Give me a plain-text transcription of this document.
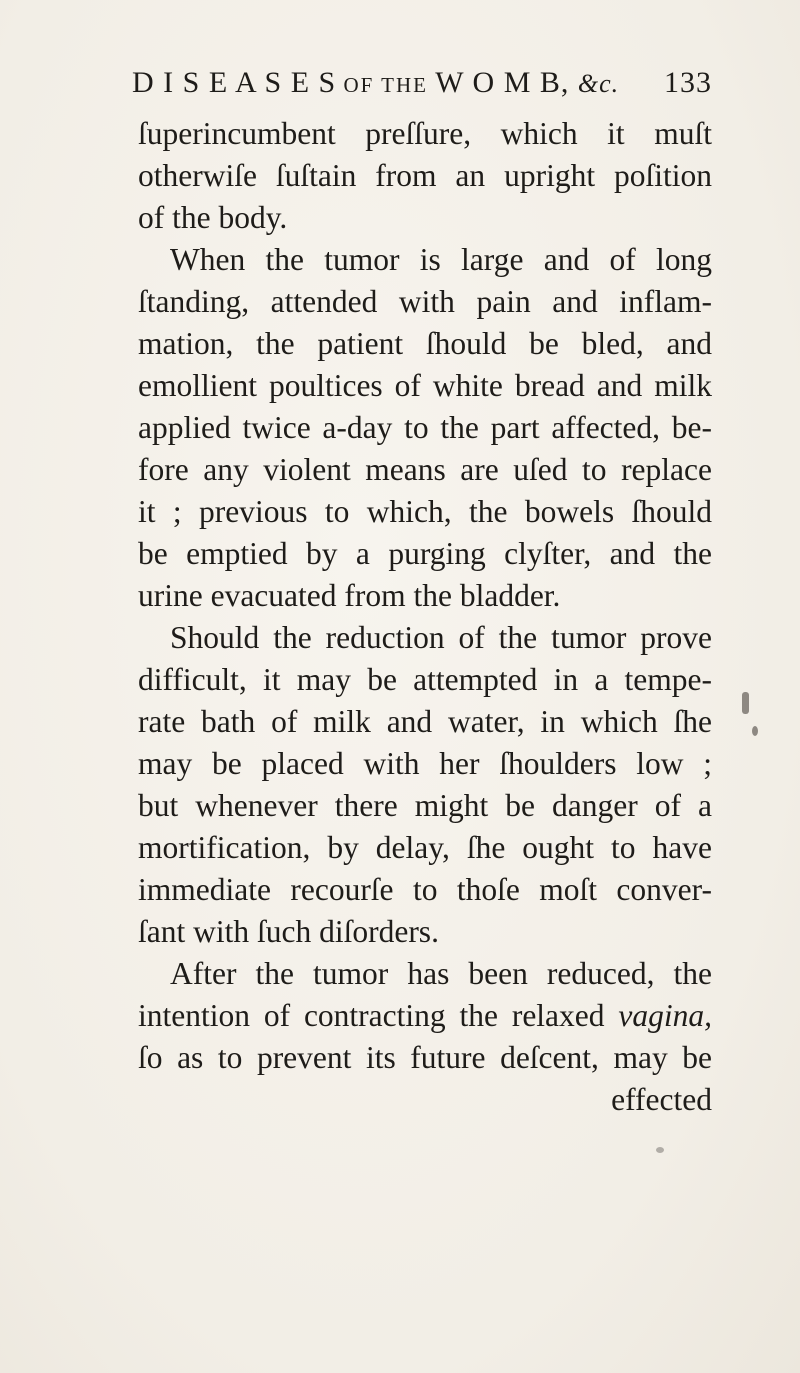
D I S E A S E S OF THE W O M B, &c. 133
ſuperincumbent preſſure, which it muſt
otherwiſe ſuſtain from an upright poſition
of the body.
When the tumor is large and of long
ſtanding, attended with pain and inflam-
mation, the patient ſhould be bled, and
emollient poultices of white bread and milk
applied twice a-day to the part affected, be-
fore any violent means are uſed to replace
it ; previous to which, the bowels ſhould
be emptied by a purging clyſter, and the
urine evacuated from the bladder.
Should the reduction of the tumor prove
difficult, it may be attempted in a tempe-
rate bath of milk and water, in which ſhe
may be placed with her ſhoulders low ;
but whenever there might be danger of a
mortification, by delay, ſhe ought to have
immediate recourſe to thoſe moſt conver-
ſant with ſuch diſorders.
After the tumor has been reduced, the
intention of contracting the relaxed vagina,
ſo as to prevent its future deſcent, may be
effected
